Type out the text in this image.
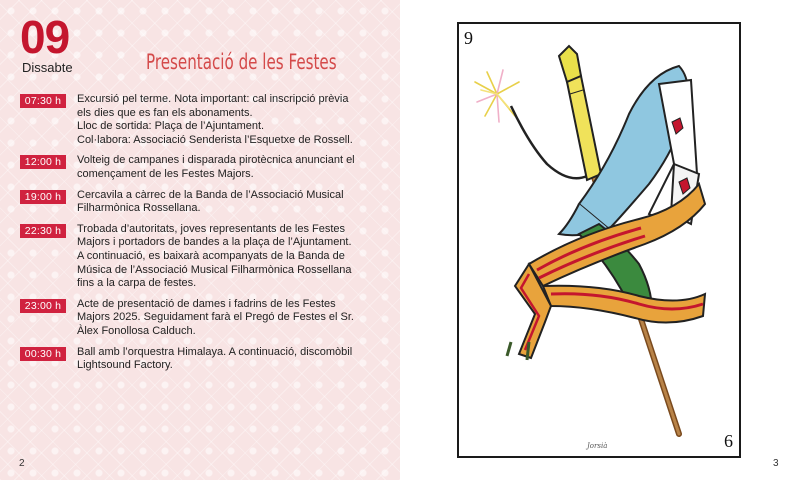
09
Dissabte	Presentació de les Festes
07:30 h	Excursió pel terme. Nota important: cal inscripció prèvia
els dies que es fan els abonaments.
Lloc de sortida: Plaça de l’Ajuntament.
Col·labora: Associació Senderista l’Esquetxe de Rossell.
12:00 h	Volteig de campanes i disparada pirotècnica anunciant el
començament de les Festes Majors.
19:00 h	Cercavila a càrrec de la Banda de l’Associació Musical
Filharmònica Rossellana.
22:30 h	Trobada d’autoritats, joves representants de les Festes
Majors i portadors de bandes a la plaça de l’Ajuntament.
A continuació, es baixarà acompanyats de la Banda de
Música de l’Associació Musical Filharmònica Rossellana
fins a la carpa de festes.
23:00 h	Acte de presentació de dames i fadrins de les Festes
Majors 2025. Seguidament farà el Pregó de Festes el Sr.
Àlex Fonollosa Calduch.
00:30 h	Ball amb l’orquestra Himalaya. A continuació, discomòbil
Lightsound Factory.
2
9
6
Jorsià
3
